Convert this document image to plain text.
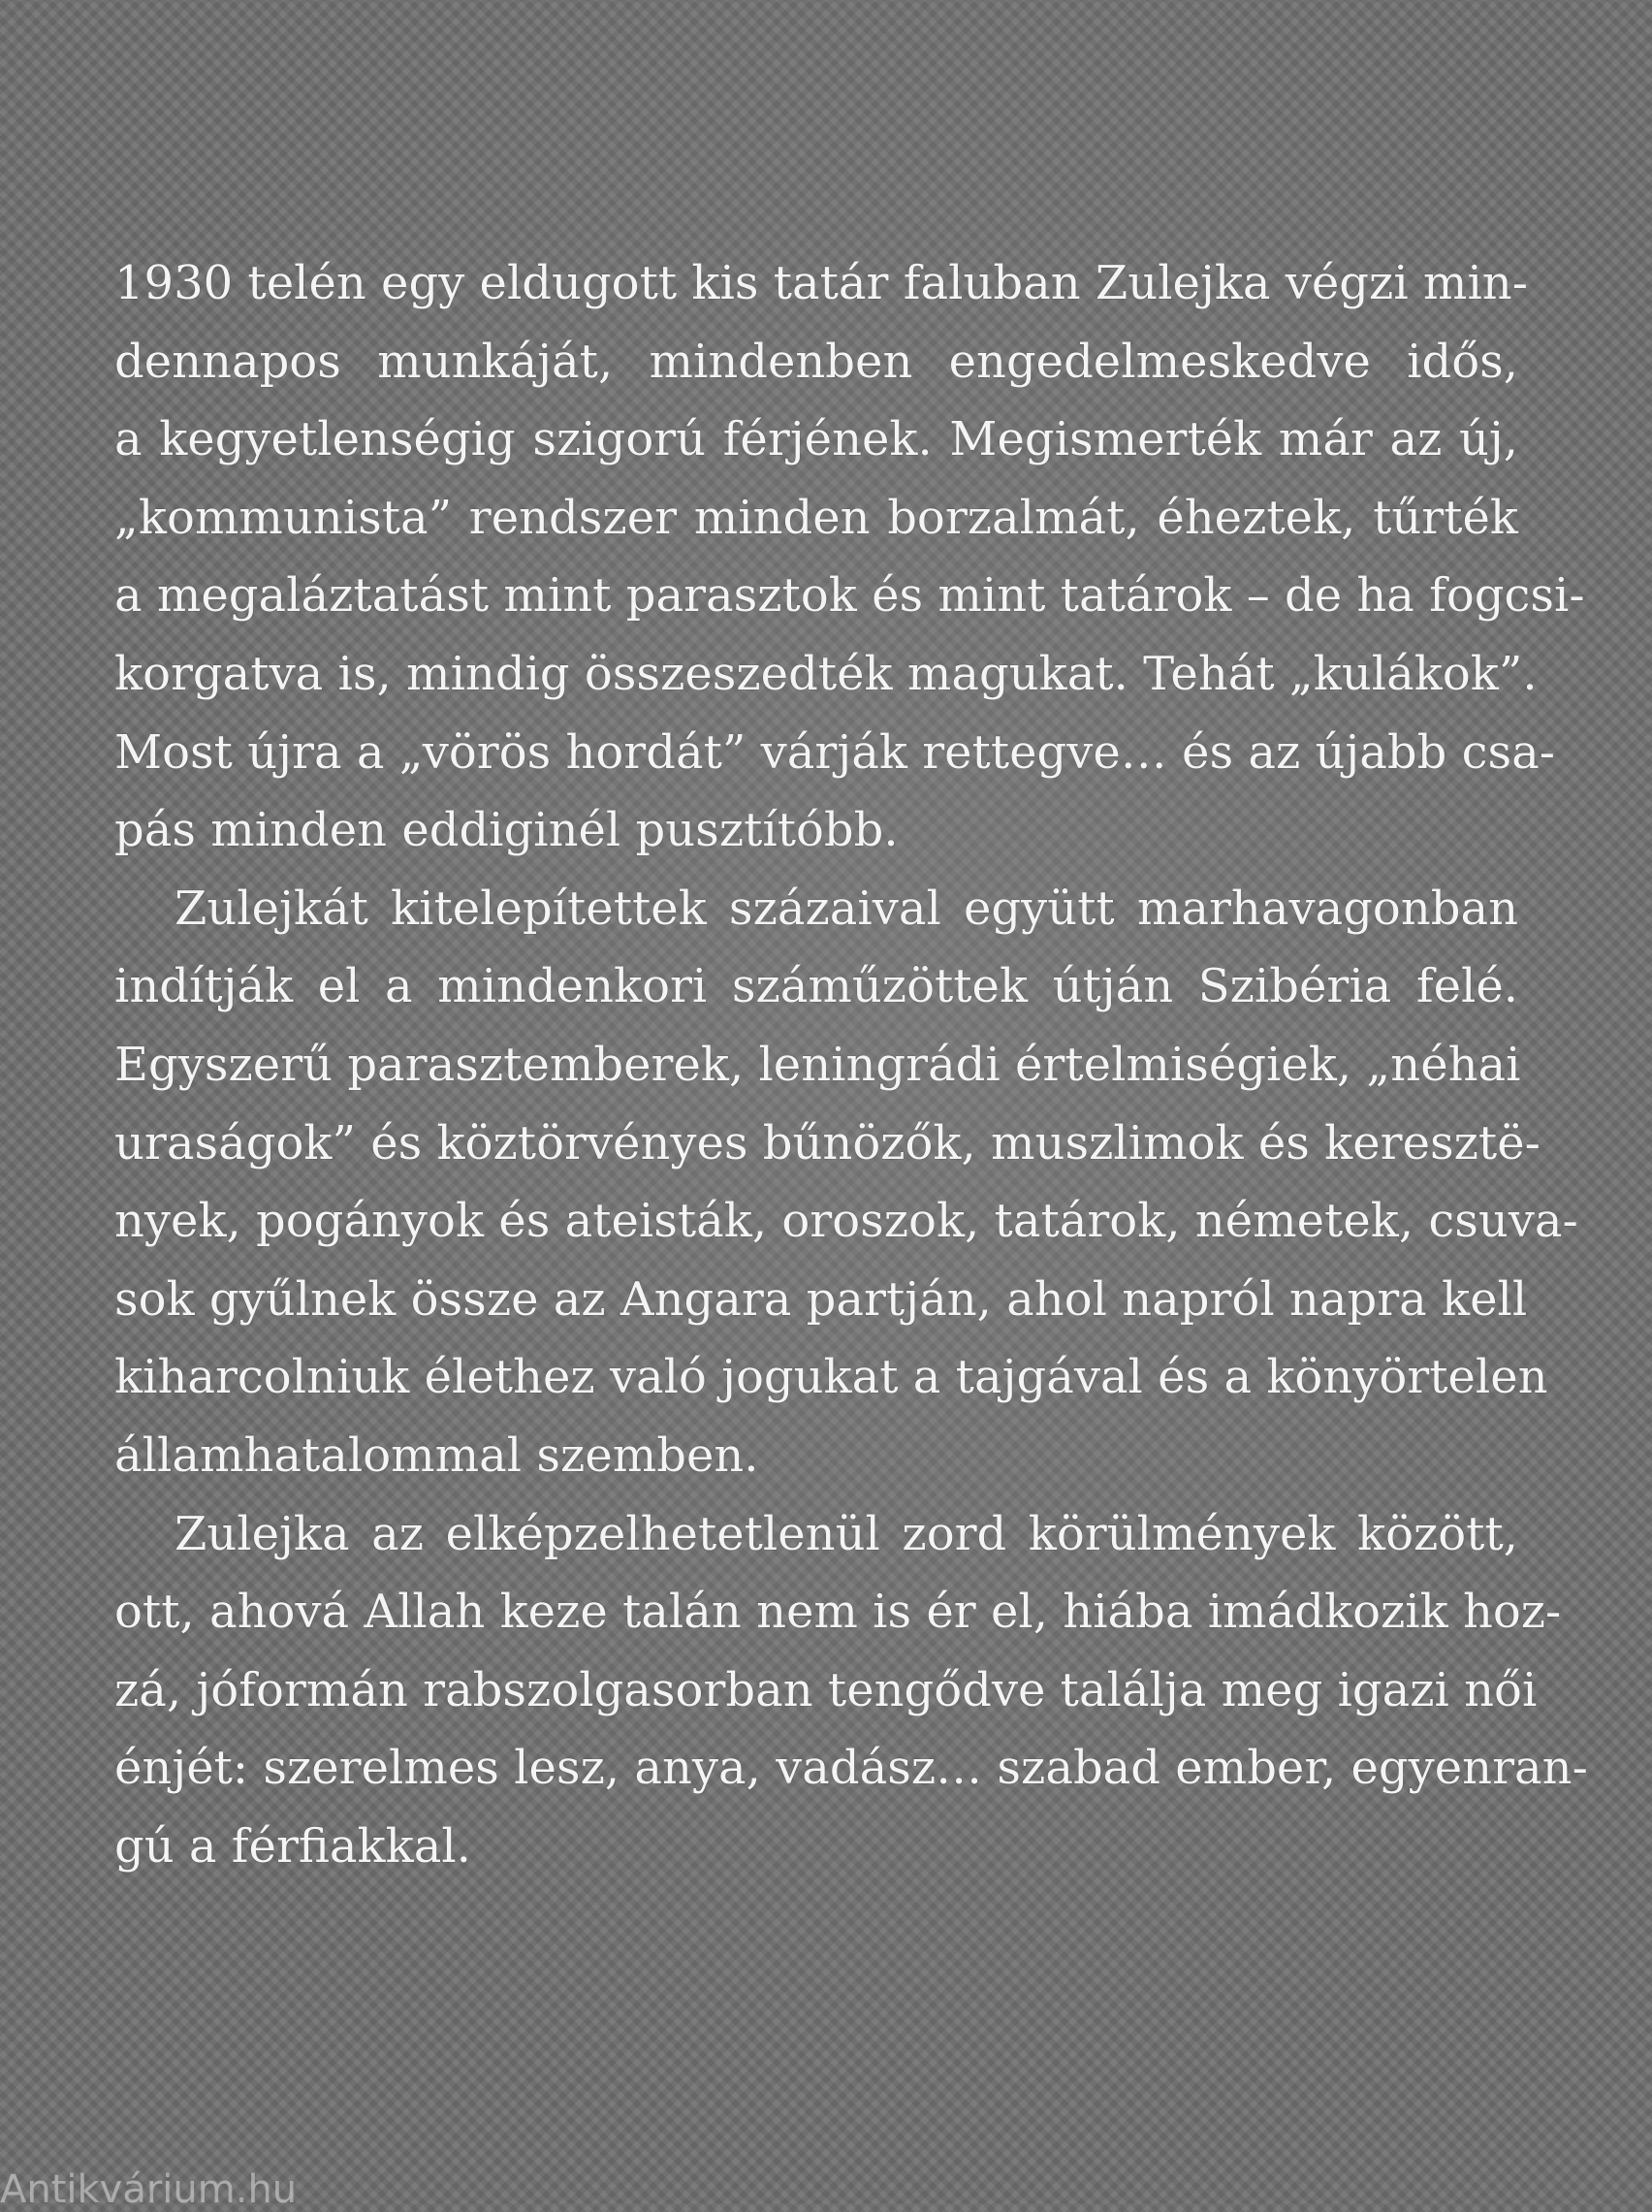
1930 telén egy eldugott kis tatár faluban Zulejka végzi min-
dennapos munkáját, mindenben engedelmeskedve idős,
a kegyetlenségig szigorú férjének. Megismerték már az új,
„kommunista” rendszer minden borzalmát, éheztek, tűrték
a megaláztatást mint parasztok és mint tatárok – de ha fogcsi-
korgatva is, mindig összeszedték magukat. Tehát „kulákok”.
Most újra a „vörös hordát” várják rettegve… és az újabb csa-
pás minden eddiginél pusztítóbb.
Zulejkát kitelepítettek százaival együtt marhavagonban
indítják el a mindenkori száműzöttek útján Szibéria felé.
Egyszerű parasztemberek, leningrádi értelmiségiek, „néhai
uraságok” és köztörvényes bűnözők, muszlimok és keresztё-
nyek, pogányok és ateisták, oroszok, tatárok, németek, csuva-
sok gyűlnek össze az Angara partján, ahol napról napra kell
kiharcolniuk élethez való jogukat a tajgával és a könyörtelen
államhatalommal szemben.
Zulejka az elképzelhetetlenül zord körülmények között,
ott, ahová Allah keze talán nem is ér el, hiába imádkozik hoz-
zá, jóformán rabszolgasorban tengődve találja meg igazi női
énjét: szerelmes lesz, anya, vadász… szabad ember, egyenran-
gú a férfiakkal.
Antikvárium.hu
